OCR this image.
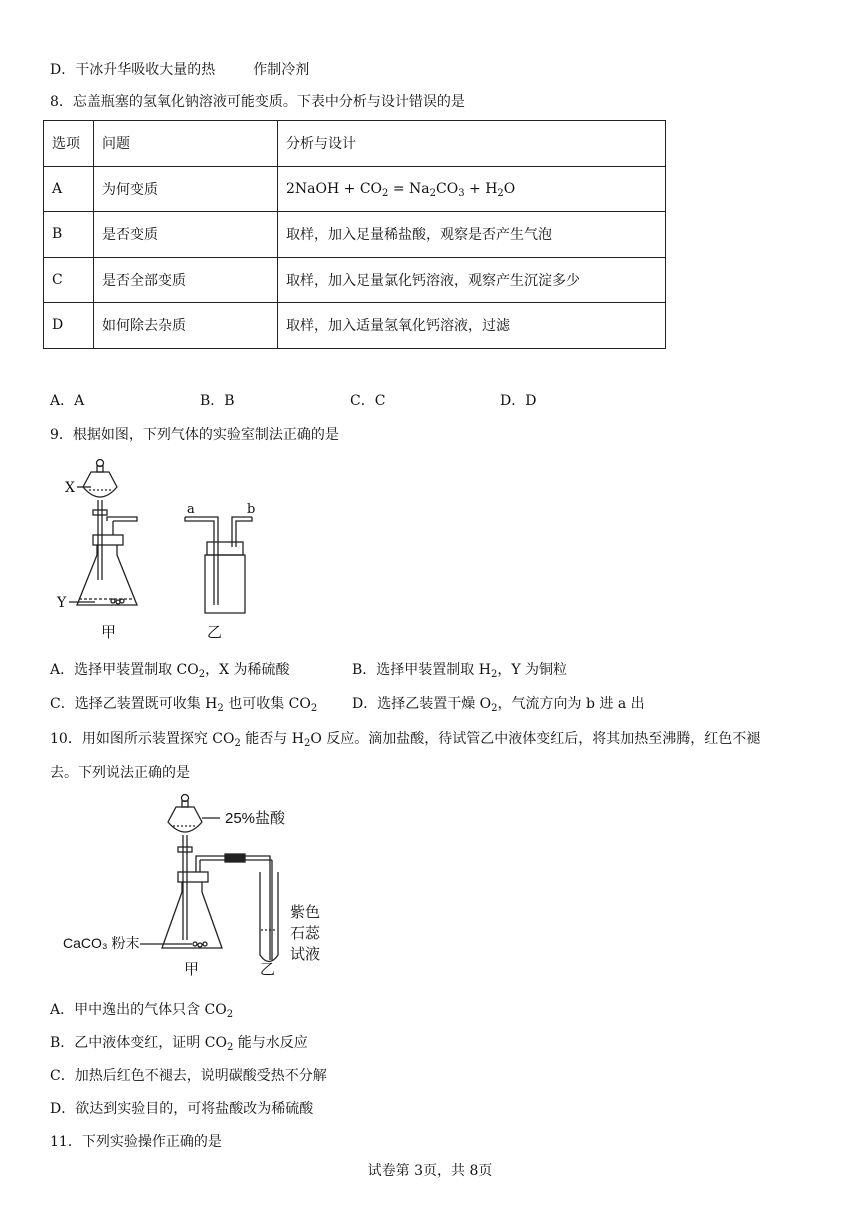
D．干冰升华吸收大量的热	作制冷剂
8．忘盖瓶塞的氢氧化钠溶液可能变质。下表中分析与设计错误的是
选项	问题	分析与设计
A	为何变质	2NaOH + $CO_2 = Na_2CO_3 + H_2O$
B	是否变质	取样，加入足量稀盐酸，观察是否产生气泡
C	是否全部变质	取样，加入足量氯化钙溶液，观察产生沉淀多少
D	如何除去杂质	取样，加入适量氢氧化钙溶液，过滤
A．A	B．B	C．C	D．D
9．根据如图，下列气体的实验室制法正确的是
X
Y
a	b
甲	乙
A．选择甲装置制取 $CO_2$，X 为稀硫酸	B．选择甲装置制取 $H_2$，Y 为铜粒
C．选择乙装置既可收集 $H_2$ 也可收集 $CO_2$ D．选择乙装置干燥 $O_2$，气流方向为 b 进 a 出
10．用如图所示装置探究 $CO_2$ 能否与 $H_2O$ 反应。滴加盐酸，待试管乙中液体变红后，将其加热至沸腾，红色不褪
去。下列说法正确的是
25%盐酸
CaCO₃ 粉末
紫色
石蕊
试液
甲	乙
A．甲中逸出的气体只含 $CO_2$
B．乙中液体变红，证明 $CO_2$ 能与水反应
C．加热后红色不褪去，说明碳酸受热不分解
D．欲达到实验目的，可将盐酸改为稀硫酸
11．下列实验操作正确的是
试卷第 3页，共 8页
